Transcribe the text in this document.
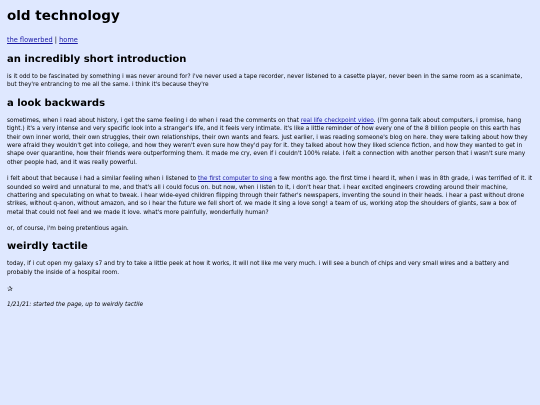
old technology
the flowerbed | home
an incredibly short introduction

is it odd to be fascinated by something i was never around for? i've never used a tape recorder, never listened to a casette player, never been in the same room as a scanimate, but they're entrancing to me all the same. i think it's because they're

a look backwards

sometimes, when i read about history, i get the same feeling i do when i read the comments on that real life checkpoint video. (i'm gonna talk about computers, i promise, hang tight.) it's a very intense and very specific look into a stranger's life, and it feels very intimate. it's like a little reminder of how every one of the 8 billion people on this earth has their own inner world, their own struggles, their own relationships, their own wants and fears. just earlier, i was reading someone's blog on here. they were talking about how they were afraid they wouldn't get into college, and how they weren't even sure how they'd pay for it. they talked about how they liked science fiction, and how they wanted to get in shape over quarantine, how their friends were outperforming them. it made me cry, even if i couldn't 100% relate. i felt a connection with another person that i wasn't sure many other people had, and it was really powerful.

i felt about that because i had a similar feeling when i listened to the first computer to sing a few months ago. the first time i heard it, when i was in 8th grade, i was terrified of it. it sounded so weird and unnatural to me, and that's all i could focus on. but now, when i listen to it, i don't hear that. i hear excited engineers crowding around their machine, chattering and speculating on what to tweak. i hear wide-eyed children flipping through their father's newspapers, inventing the sound in their heads. i hear a past without drone strikes, without q-anon, without amazon, and so i hear the future we fell short of. we made it sing a love song! a team of us, working atop the shoulders of giants, saw a box of metal that could not feel and we made it love. what's more painfully, wonderfully human?

or, of course, i'm being pretentious again.

weirdly tactile

today, if i cut open my galaxy s7 and try to take a little peek at how it works, it will not like me very much. i will see a bunch of chips and very small wires and a battery and probably the inside of a hospital room.

✰

1/21/21: started the page, up to weirdly tactile
